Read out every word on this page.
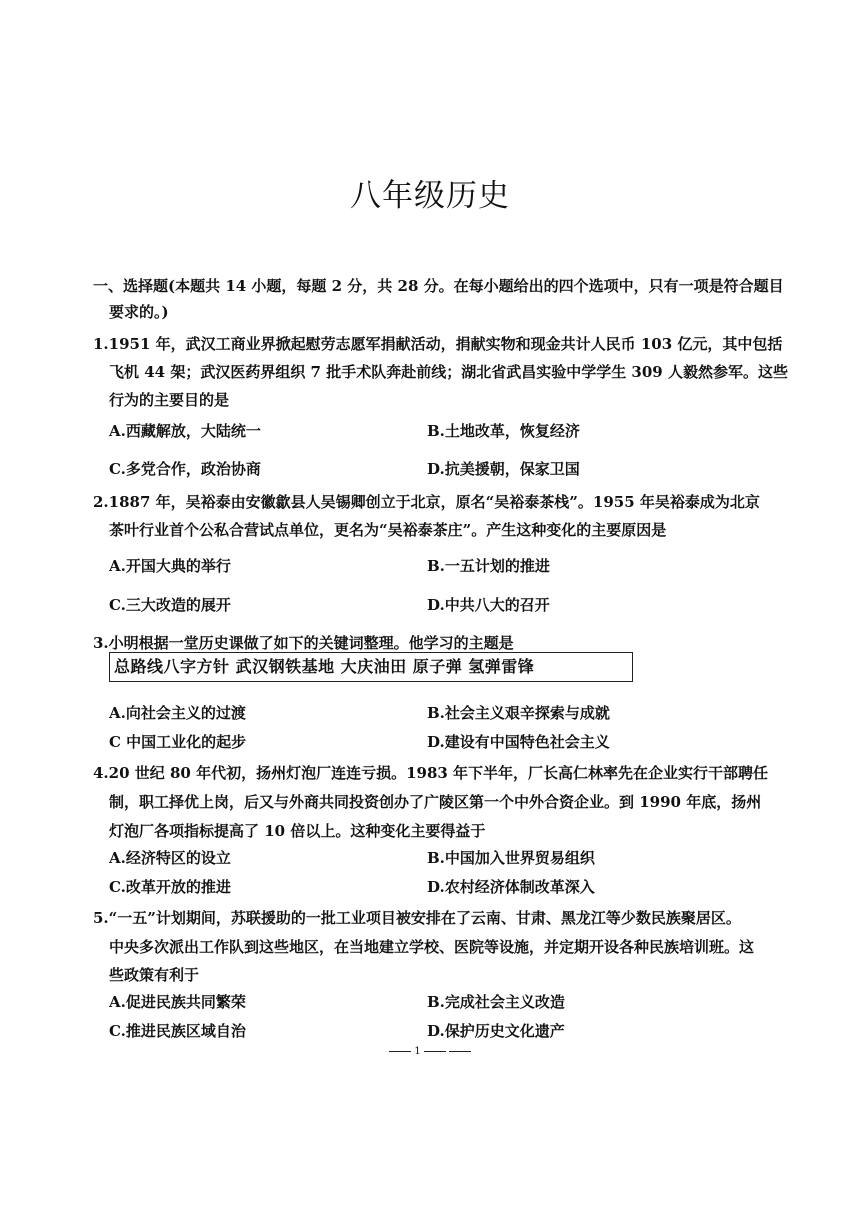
八年级历史
一、选择题(本题共 14 小题，每题 2 分，共 28 分。在每小题给出的四个选项中，只有一项是符合题目
要求的。)
1.1951 年，武汉工商业界掀起慰劳志愿军捐献活动，捐献实物和现金共计人民币 103 亿元，其中包括
飞机 44 架；武汉医药界组织 7 批手术队奔赴前线；湖北省武昌实验中学学生 309 人毅然参军。这些
行为的主要目的是
A.西藏解放，大陆统一	B.土地改革，恢复经济
C.多党合作，政治协商	D.抗美援朝，保家卫国
2.1887 年，吴裕泰由安徽歙县人吴锡卿创立于北京，原名“吴裕泰茶栈”。1955 年吴裕泰成为北京
茶叶行业首个公私合营试点单位，更名为“吴裕泰茶庄”。产生这种变化的主要原因是
A.开国大典的举行	B.一五计划的推进
C.三大改造的展开	D.中共八大的召开
3.小明根据一堂历史课做了如下的关键词整理。他学习的主题是
总路线八字方针 武汉钢铁基地 大庆油田 原子弹 氢弹雷锋
A.向社会主义的过渡	B.社会主义艰辛探索与成就
C 中国工业化的起步	D.建设有中国特色社会主义
4.20 世纪 80 年代初，扬州灯泡厂连连亏损。1983 年下半年，厂长高仁林率先在企业实行干部聘任
制，职工择优上岗，后又与外商共同投资创办了广陵区第一个中外合资企业。到 1990 年底，扬州
灯泡厂各项指标提高了 10 倍以上。这种变化主要得益于
A.经济特区的设立	B.中国加入世界贸易组织
C.改革开放的推进	D.农村经济体制改革深入
5.“一五”计划期间，苏联援助的一批工业项目被安排在了云南、甘肃、黑龙江等少数民族聚居区。
中央多次派出工作队到这些地区，在当地建立学校、医院等设施，并定期开设各种民族培训班。这
些政策有利于
A.促进民族共同繁荣	B.完成社会主义改造
C.推进民族区域自治	D.保护历史文化遗产
1
